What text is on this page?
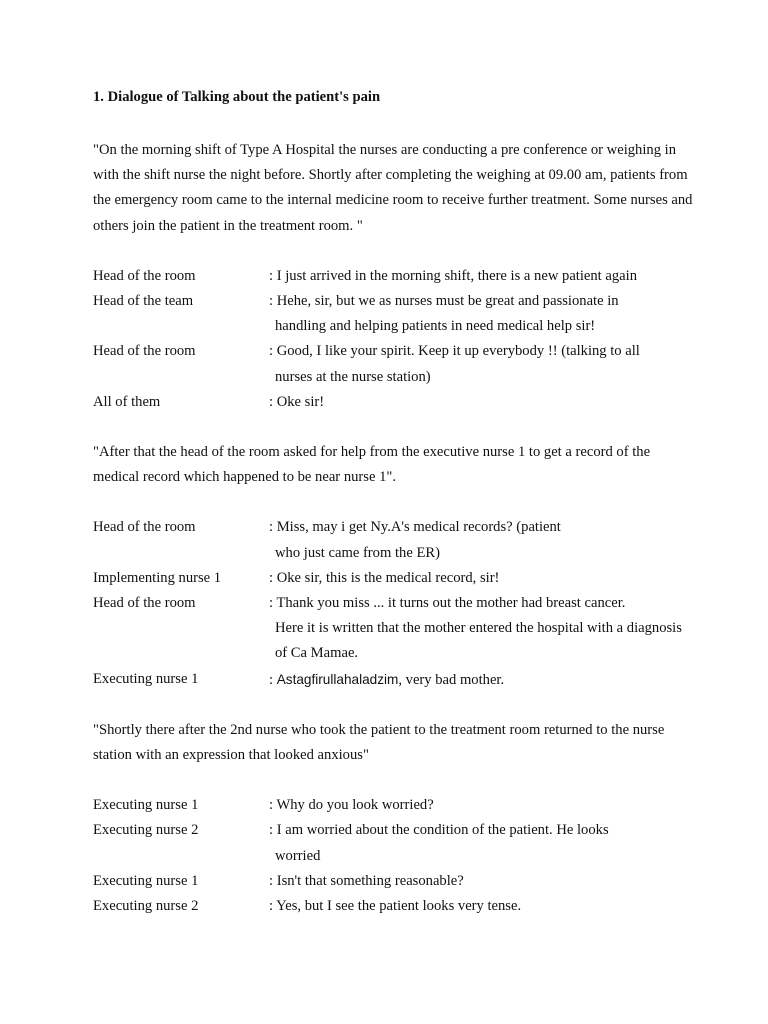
1. Dialogue of Talking about the patient's pain
"On the morning shift of Type A Hospital the nurses are conducting a pre conference or weighing in with the shift nurse the night before. Shortly after completing the weighing at 09.00 am, patients from the emergency room came to the internal medicine room to receive further treatment. Some nurses and others join the patient in the treatment room. "
Head of the room	: I just arrived in the morning shift, there is a new patient again
Head of the team	: Hehe, sir, but we as nurses must be great and passionate in
handling and helping patients in need medical help sir!
Head of the room	: Good, I like your spirit. Keep it up everybody !! (talking to all
nurses at the nurse station)
All of them	: Oke sir!
"After that the head of the room asked for help from the executive nurse 1 to get a record of the medical record which happened to be near nurse 1".
Head of the room	: Miss, may i get Ny.A's medical records? (patient
who just came from the ER)
Implementing nurse 1	: Oke sir, this is the medical record, sir!
Head of the room	: Thank you miss ... it turns out the mother had breast cancer.
Here it is written that the mother entered the hospital with a diagnosis of Ca Mamae.
Executing nurse 1	: Astagfirullahaladzim, very bad mother.
"Shortly there after the 2nd nurse who took the patient to the treatment room returned to the nurse station with an expression that looked anxious"
Executing nurse 1	: Why do you look worried?
Executing nurse 2	: I am worried about the condition of the patient. He looks
worried
Executing nurse 1	: Isn't that something reasonable?
Executing nurse 2	: Yes, but I see the patient looks very tense.
